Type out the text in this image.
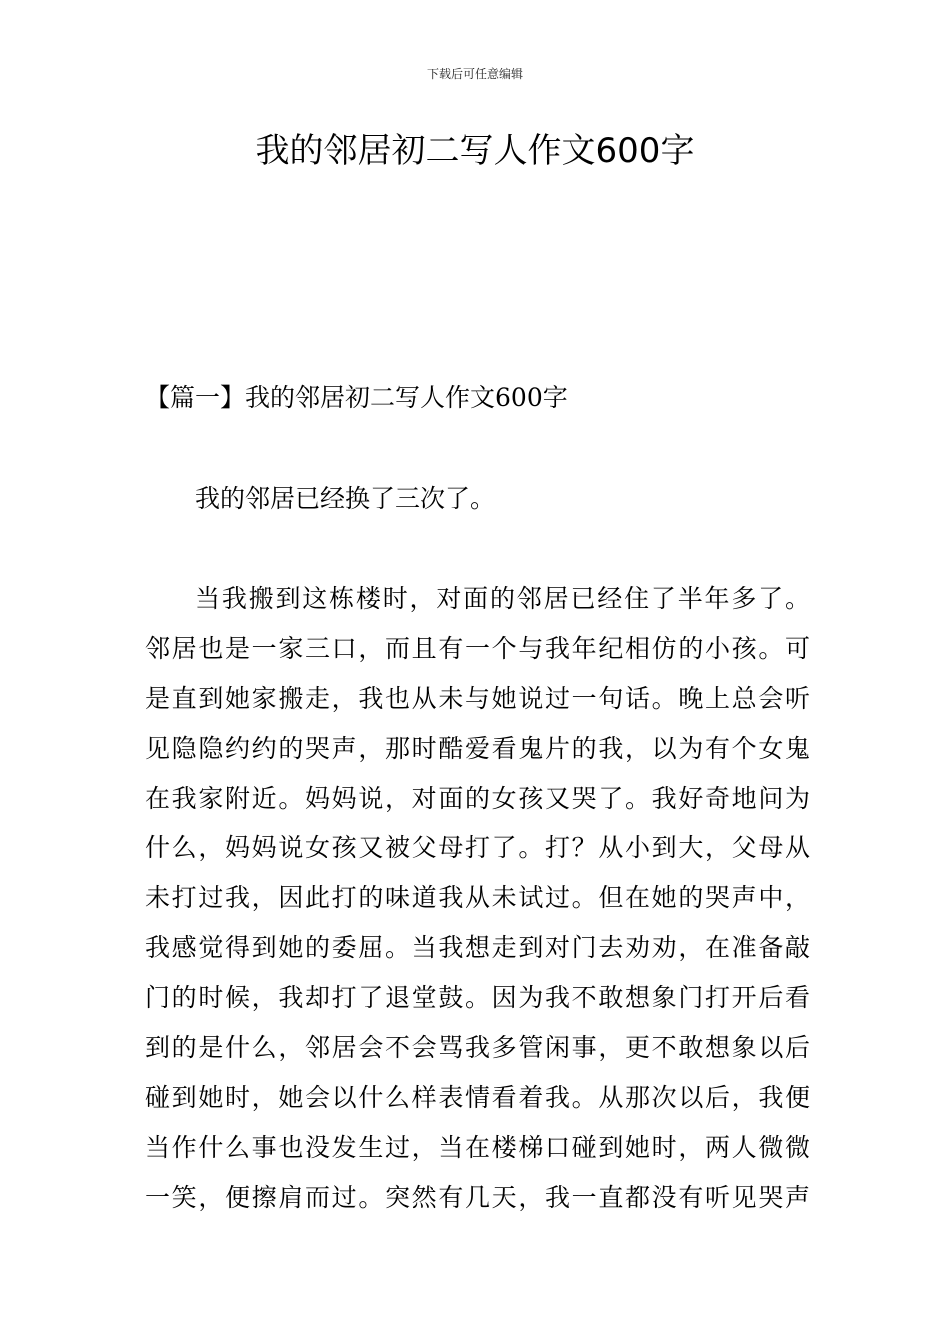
下载后可任意编辑
我的邻居初二写人作文600字
【篇一】我的邻居初二写人作文600字

我的邻居已经换了三次了。

当我搬到这栋楼时，对面的邻居已经住了半年多了。
邻居也是一家三口，而且有一个与我年纪相仿的小孩。可
是直到她家搬走，我也从未与她说过一句话。晚上总会听
见隐隐约约的哭声，那时酷爱看鬼片的我，以为有个女鬼
在我家附近。妈妈说，对面的女孩又哭了。我好奇地问为
什么，妈妈说女孩又被父母打了。打？从小到大，父母从
未打过我，因此打的味道我从未试过。但在她的哭声中，
我感觉得到她的委屈。当我想走到对门去劝劝，在准备敲
门的时候，我却打了退堂鼓。因为我不敢想象门打开后看
到的是什么，邻居会不会骂我多管闲事，更不敢想象以后
碰到她时，她会以什么样表情看着我。从那次以后，我便
当作什么事也没发生过，当在楼梯口碰到她时，两人微微
一笑，便擦肩而过。突然有几天，我一直都没有听见哭声
